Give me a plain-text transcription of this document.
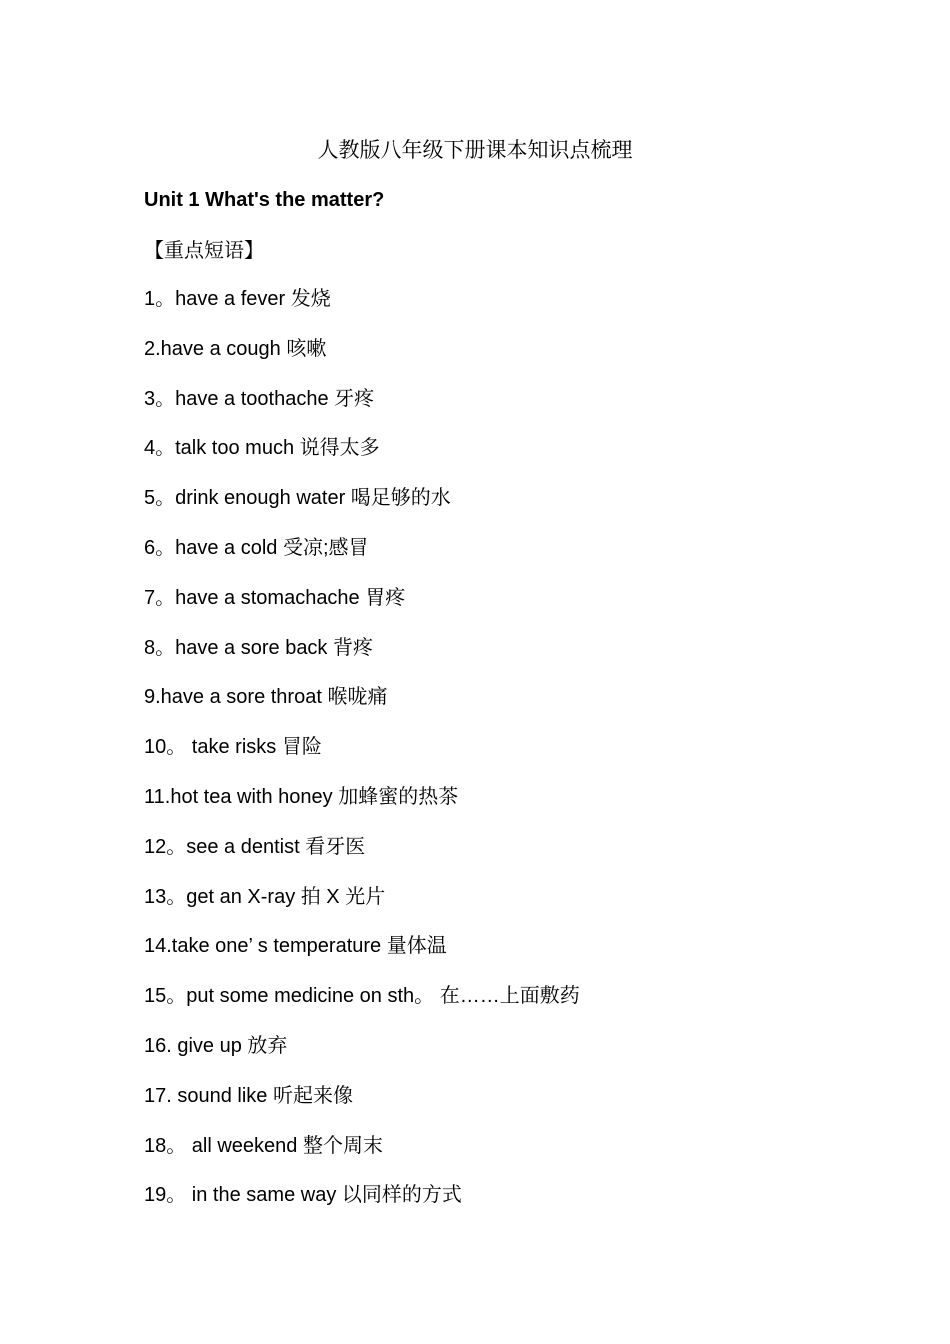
人教版八年级下册课本知识点梳理
Unit 1 What's the matter?
【重点短语】
1。have a fever 发烧
2.have a cough 咳嗽
3。have a toothache 牙疼
4。talk too much 说得太多
5。drink enough water 喝足够的水
6。have a cold 受凉;感冒
7。have a stomachache 胃疼
8。have a sore back 背疼
9.have a sore throat 喉咙痛
10。 take risks 冒险
11.hot tea with honey 加蜂蜜的热茶
12。see a dentist 看牙医
13。get an X-ray 拍 X 光片
14.take one’ s temperature 量体温
15。put some medicine on sth。 在……上面敷药
16. give up 放弃
17. sound like 听起来像
18。 all weekend 整个周末
19。 in the same way 以同样的方式
